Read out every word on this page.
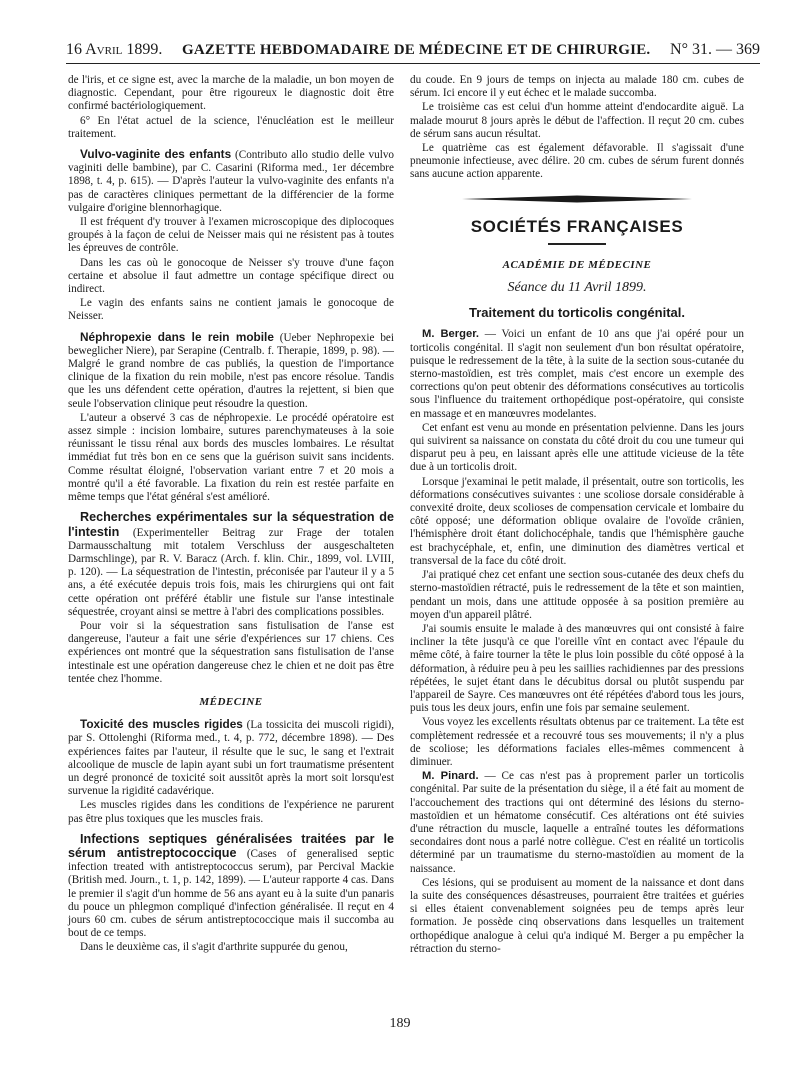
16 Avril 1899. GAZETTE HEBDOMADAIRE DE MÉDECINE ET DE CHIRURGIE. N° 31. — 369

de l'iris, et ce signe est, avec la marche de la maladie, un bon moyen de diagnostic. Cependant, pour être rigoureux le diagnostic doit être confirmé bactériologiquement.

6° En l'état actuel de la science, l'énucléation est le meilleur traitement.

Vulvo-vaginite des enfants (Contributo allo studio delle vulvo vaginiti delle bambine), par C. Casarini (Riforma med., 1er décembre 1898, t. 4, p. 615). — D'après l'auteur la vulvo-vaginite des enfants n'a pas de caractères cliniques permettant de la différencier de la forme vulgaire d'origine blennorhagique.

Il est fréquent d'y trouver à l'examen microscopique des diplocoques groupés à la façon de celui de Neisser mais qui ne résistent pas à toutes les épreuves de contrôle.

Dans les cas où le gonocoque de Neisser s'y trouve d'une façon certaine et absolue il faut admettre un contage spécifique direct ou indirect.

Le vagin des enfants sains ne contient jamais le gonocoque de Neisser.

Néphropexie dans le rein mobile (Ueber Nephropexie bei beweglicher Niere), par Serapine (Centralb. f. Therapie, 1899, p. 98). — Malgré le grand nombre de cas publiés, la question de l'importance clinique de la fixation du rein mobile, n'est pas encore résolue. Tandis que les uns défendent cette opération, d'autres la rejettent, si bien que seule l'observation clinique peut résoudre la question.

L'auteur a observé 3 cas de néphropexie. Le procédé opératoire est assez simple : incision lombaire, sutures parenchymateuses à la soie réunissant le tissu rénal aux bords des muscles lombaires. Le résultat immédiat fut très bon en ce sens que la guérison suivit sans incidents. Comme résultat éloigné, l'observation variant entre 7 et 20 mois a montré qu'il a été favorable. La fixation du rein est restée parfaite en même temps que l'état général s'est amélioré.

Recherches expérimentales sur la séquestration de l'intestin (Experimenteller Beitrag zur Frage der totalen Darmausschaltung mit totalem Verschluss der ausgeschalteten Darmschlinge), par R. V. Baracz (Arch. f. klin. Chir., 1899, vol. LVIII, p. 120). — La séquestration de l'intestin, préconisée par l'auteur il y a 5 ans, a été exécutée depuis trois fois, mais les chirurgiens qui ont fait cette opération ont préféré établir une fistule sur l'anse intestinale séquestrée, croyant ainsi se mettre à l'abri des complications possibles.

Pour voir si la séquestration sans fistulisation de l'anse est dangereuse, l'auteur a fait une série d'expériences sur 17 chiens. Ces expériences ont montré que la séquestration sans fistulisation de l'anse intestinale est une opération dangereuse chez le chien et ne doit pas être tentée chez l'homme.

MÉDECINE

Toxicité des muscles rigides (La tossicita dei muscoli rigidi), par S. Ottolenghi (Riforma med., t. 4, p. 772, décembre 1898). — Des expériences faites par l'auteur, il résulte que le suc, le sang et l'extrait alcoolique de muscle de lapin ayant subi un fort traumatisme présentent un degré prononcé de toxicité soit aussitôt après la mort soit lorsqu'est survenue la rigidité cadavérique.

Les muscles rigides dans les conditions de l'expérience ne parurent pas être plus toxiques que les muscles frais.

Infections septiques généralisées traitées par le sérum antistreptococcique (Cases of generalised septic infection treated with antistreptococcus serum), par Percival Mackie (British med. Journ., t. 1, p. 142, 1899). — L'auteur rapporte 4 cas. Dans le premier il s'agit d'un homme de 56 ans ayant eu à la suite d'un panaris du pouce un phlegmon compliqué d'infection généralisée. Il reçut en 4 jours 60 cm. cubes de sérum antistreptococcique mais il succomba au bout de ce temps.

Dans le deuxième cas, il s'agit d'arthrite suppurée du genou,

du coude. En 9 jours de temps on injecta au malade 180 cm. cubes de sérum. Ici encore il y eut échec et le malade succomba.

Le troisième cas est celui d'un homme atteint d'endocardite aiguë. La malade mourut 8 jours après le début de l'affection. Il reçut 20 cm. cubes de sérum sans aucun résultat.

Le quatrième cas est également défavorable. Il s'agissait d'une pneumonie infectieuse, avec délire. 20 cm. cubes de sérum furent donnés sans aucune action apparente.

SOCIÉTÉS FRANÇAISES
ACADÉMIE DE MÉDECINE
Séance du 11 Avril 1899.
Traitement du torticolis congénital.

M. Berger. — Voici un enfant de 10 ans que j'ai opéré pour un torticolis congénital. Il s'agit non seulement d'un bon résultat opératoire, puisque le redressement de la tête, à la suite de la section sous-cutanée du sterno-mastoïdien, est très complet, mais c'est encore un exemple des corrections qu'on peut obtenir des déformations consécutives au torticolis sous l'influence du traitement orthopédique post-opératoire, qui consiste en massage et en manœuvres modelantes.

Cet enfant est venu au monde en présentation pelvienne. Dans les jours qui suivirent sa naissance on constata du côté droit du cou une tumeur qui disparut peu à peu, en laissant après elle une attitude vicieuse de la tête due à un torticolis droit.

Lorsque j'examinai le petit malade, il présentait, outre son torticolis, les déformations consécutives suivantes : une scoliose dorsale considérable à convexité droite, deux scolioses de compensation cervicale et lombaire du côté opposé; une déformation oblique ovalaire de l'ovoïde crânien, l'hémisphère droit étant dolichocéphale, tandis que l'hémisphère gauche est brachycéphale, et, enfin, une diminution des diamètres vertical et transversal de la face du côté droit.

J'ai pratiqué chez cet enfant une section sous-cutanée des deux chefs du sterno-mastoïdien rétracté, puis le redressement de la tête et son maintien, pendant un mois, dans une attitude opposée à sa position première au moyen d'un appareil plâtré.

J'ai soumis ensuite le malade à des manœuvres qui ont consisté à faire incliner la tête jusqu'à ce que l'oreille vînt en contact avec l'épaule du même côté, à faire tourner la tête le plus loin possible du côté opposé à la déformation, à réduire peu à peu les saillies rachidiennes par des pressions répétées, le sujet étant dans le décubitus dorsal ou plutôt suspendu par l'appareil de Sayre. Ces manœuvres ont été répétées d'abord tous les jours, puis tous les deux jours, enfin une fois par semaine seulement.

Vous voyez les excellents résultats obtenus par ce traitement. La tête est complètement redressée et a recouvré tous ses mouvements; il n'y a plus de scoliose; les déformations faciales elles-mêmes commencent à diminuer.

M. Pinard. — Ce cas n'est pas à proprement parler un torticolis congénital. Par suite de la présentation du siège, il a été fait au moment de l'accouchement des tractions qui ont déterminé des lésions du sterno-mastoïdien et un hématome consécutif. Ces altérations ont été suivies d'une rétraction du muscle, laquelle a entraîné toutes les déformations secondaires dont nous a parlé notre collègue. C'est en réalité un torticolis déterminé par un traumatisme du sterno-mastoïdien au moment de la naissance.

Ces lésions, qui se produisent au moment de la naissance et dont dans la suite des conséquences désastreuses, pourraient être traitées et guéries si elles étaient convenablement soignées peu de temps après leur formation. Je possède cinq observations dans lesquelles un traitement orthopédique analogue à celui qu'a indiqué M. Berger a pu empêcher la rétraction du sterno-

189
